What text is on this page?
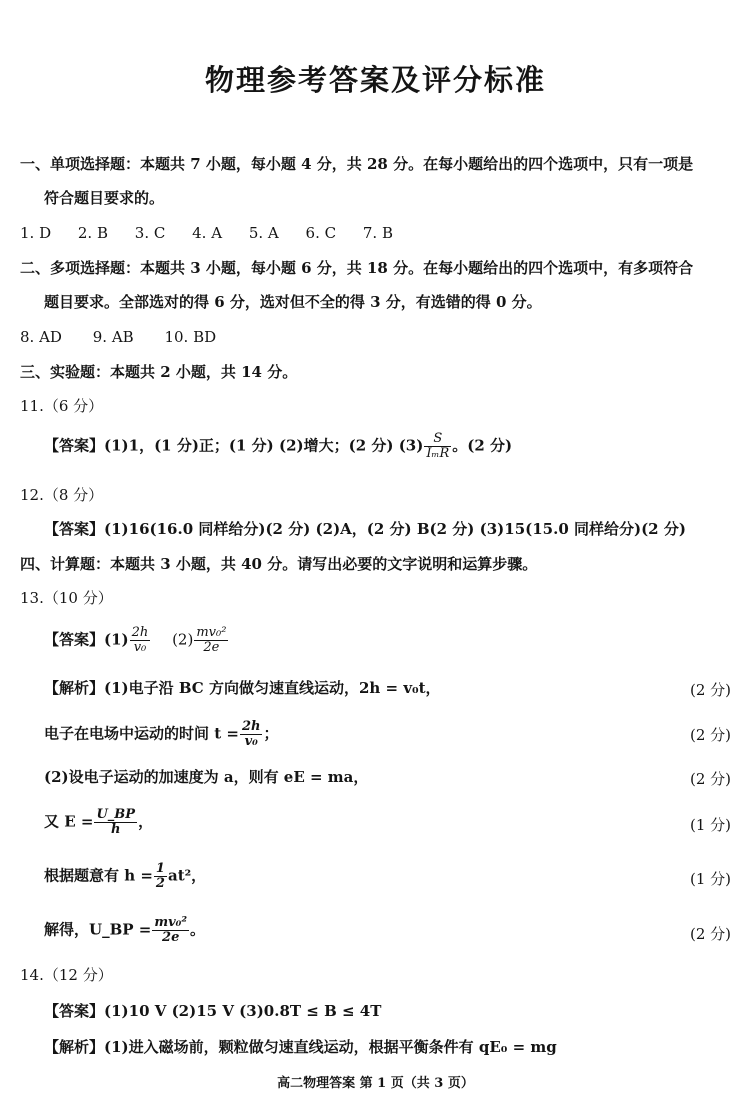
物理参考答案及评分标准
一、单项选择题：本题共 7 小题，每小题 4 分，共 28 分。在每小题给出的四个选项中，只有一项是
符合题目要求的。
1. D 2. B 3. C 4. A 5. A 6. C 7. B
二、多项选择题：本题共 3 小题，每小题 6 分，共 18 分。在每小题给出的四个选项中，有多项符合
题目要求。全部选对的得 6 分，选对但不全的得 3 分，有选错的得 0 分。
8. AD 9. AB 10. BD
三、实验题：本题共 2 小题，共 14 分。
11.（6 分）
【答案】(1)1，(1 分)正；(1 分) (2)增大；(2 分) $(3) \frac{S}{\text{IₘR}}$ 。(2 分)
12.（8 分）
【答案】(1)16(16.0 同样给分)(2 分) (2)A，(2 分) B(2 分) (3)15(15.0 同样给分)(2 分)
四、计算题：本题共 3 小题，共 40 分。请写出必要的文字说明和运算步骤。
13.（10 分）
【答案】$(1) \frac{2h}{\text{v₀}} (2) \frac{\text{mv₀²}}{2e}$
【解析】(1)电子沿 BC 方向做匀速直线运动，2h = v₀t，	(2 分)
电子在电场中运动的时间 $t = \frac{2h}{\text{v₀}}$ ；	(2 分)
(2)设电子运动的加速度为 a，则有 eE = ma，	(2 分)
又 $E = \frac{U\_BP}{h}$ ，	(1 分)
根据题意有 $h = \frac{1}{2} at^2$，	(1 分)
解得，U_BP = $\frac{\text{mv₀²}}{2e}$ 。	(2 分)
14.（12 分）
【答案】(1)10 V (2)15 V (3)0.8T ≤ B ≤ 4T
【解析】(1)进入磁场前，颗粒做匀速直线运动，根据平衡条件有 qE₀ = mg
高二物理答案 第 1 页（共 3 页）
